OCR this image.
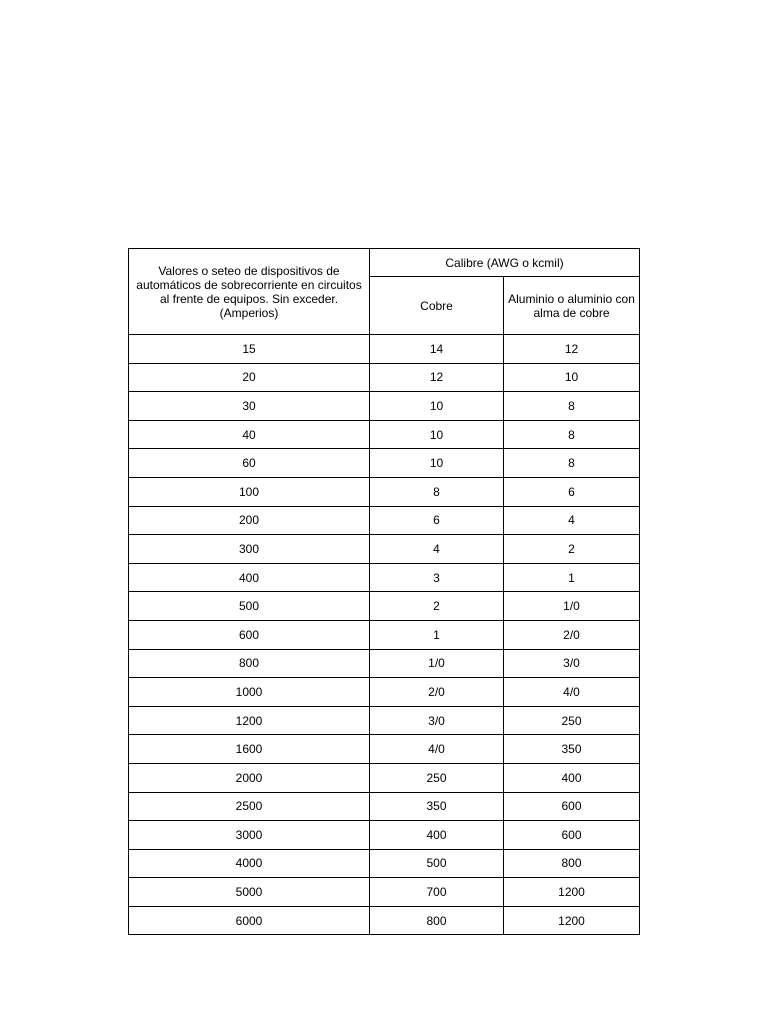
Valores o seteo de dispositivos de automáticos de sobrecorriente en circuitos al frente de equipos. Sin exceder. (Amperios)	Calibre (AWG o kcmil)	
	Cobre	Aluminio o aluminio con alma de cobre
15	14	12
20	12	10
30	10	8
40	10	8
60	10	8
100	8	6
200	6	4
300	4	2
400	3	1
500	2	1/0
600	1	2/0
800	1/0	3/0
1000	2/0	4/0
1200	3/0	250
1600	4/0	350
2000	250	400
2500	350	600
3000	400	600
4000	500	800
5000	700	1200
6000	800	1200
